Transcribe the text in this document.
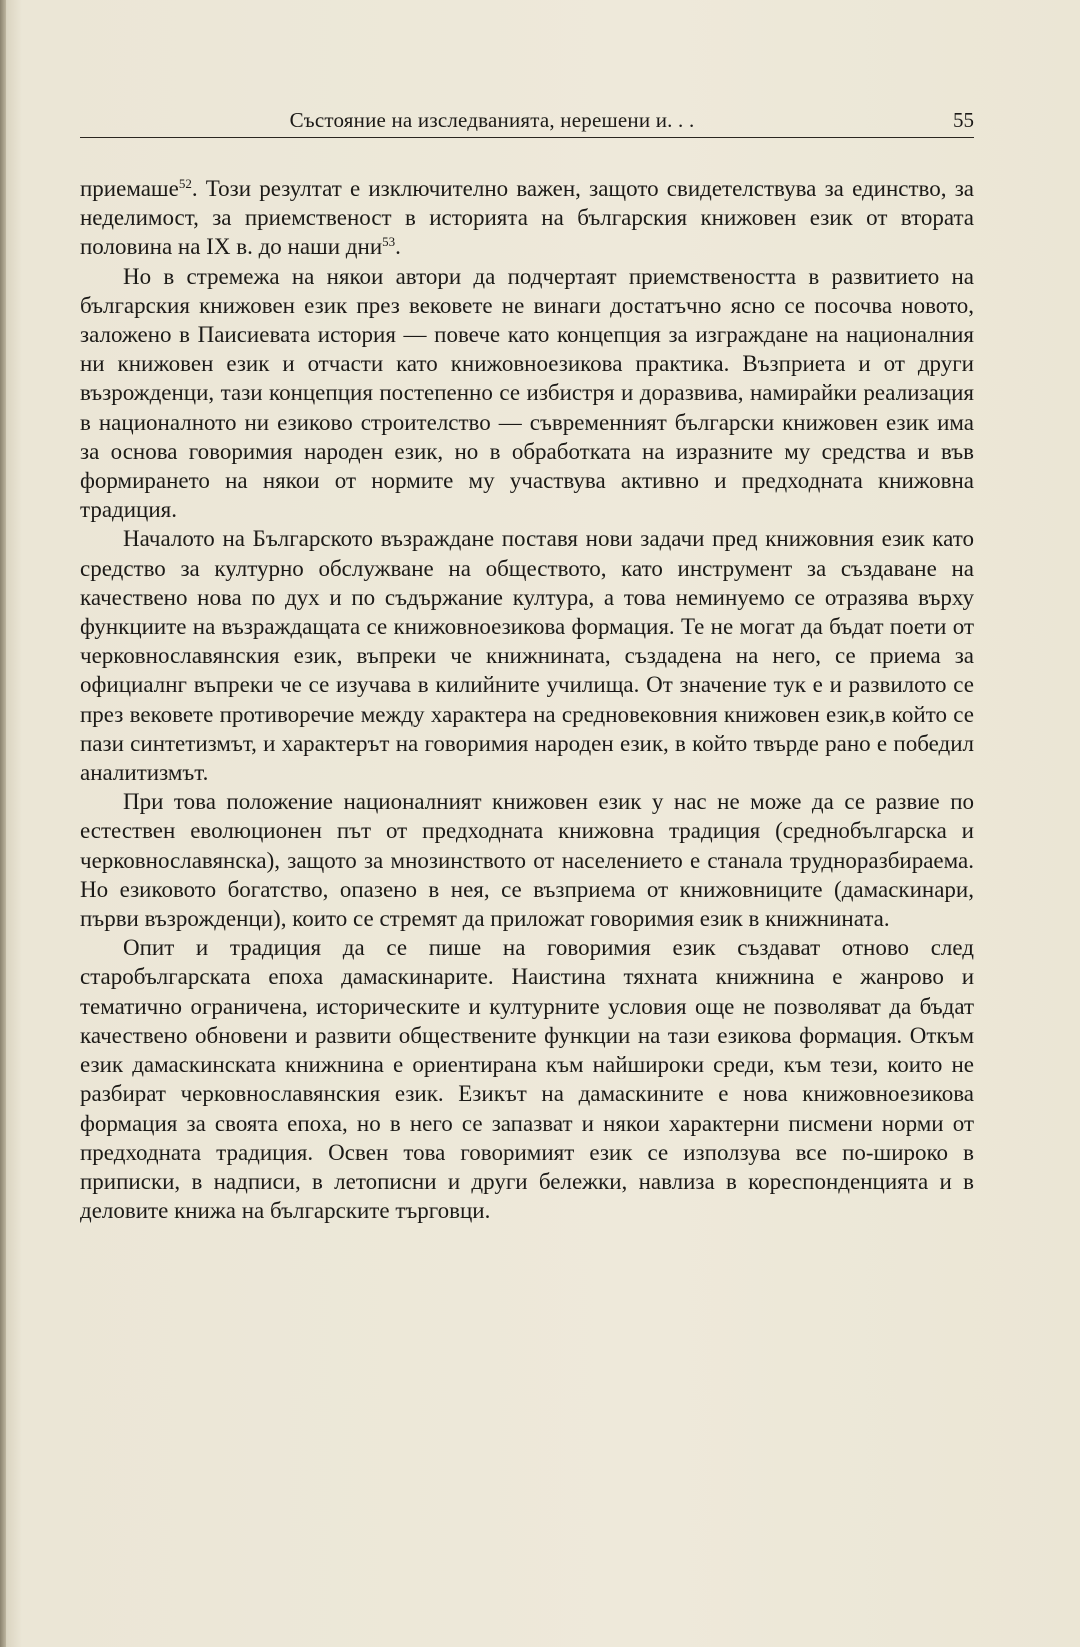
Състояние на изследванията, нерешени и. . .	55

приемаше$^{52}$. Този резултат е изключително важен, защото свидетелствува за единство, за неделимост, за приемственост в историята на българския книжовен език от втората половина на IX в. до наши дни$^{53}$.

Но в стремежа на някои автори да подчертаят приемствеността в развитието на българския книжовен език през вековете не винаги достатъчно ясно се посочва новото, заложено в Паисиевата история — повече като концепция за изграждане на националния ни книжовен език и отчасти като книжовноезикова практика. Възприета и от други възрожденци, тази концепция постепенно се избистря и доразвива, намирайки реализация в националното ни езиково строителство — съвременният български книжовен език има за основа говоримия народен език, но в обработката на изразните му средства и във формирането на някои от нормите му участвува активно и предходната книжовна традиция.

Началото на Българското възраждане поставя нови задачи пред книжовния език като средство за културно обслужване на обществото, като инструмент за създаване на качествено нова по дух и по съдържание култура, а това неминуемо се отразява върху функциите на възраждащата се книжовноезикова формация. Те не могат да бъдат поети от черковнославянския език, въпреки че книжнината, създадена на него, се приема за официалнг въпреки че се изучава в килийните училища. От значение тук е и развилото се през вековете противоречие между характера на средновековния книжовен език,в който се пази синтетизмът, и характерът на говоримия народен език, в който твърде рано е победил аналитизмът.

При това положение националният книжовен език у нас не може да се развие по естествен еволюционен път от предходната книжовна традиция (среднобългарска и черковнославянска), защото за мнозинството от населението е станала трудноразбираема. Но езиковото богатство, опазено в нея, се възприема от книжовниците (дамаскинари, първи възрожденци), които се стремят да приложат говоримия език в книжнината.

Опит и традиция да се пише на говоримия език създават отново след старобългарската епоха дамаскинарите. Наистина тяхната книжнина е жанрово и тематично ограничена, историческите и културните условия още не позволяват да бъдат качествено обновени и развити обществените функции на тази езикова формация. Откъм език дамаскинската книжнина е ориентирана към найшироки среди, към тези, които не разбират черковнославянския език. Езикът на дамаскините е нова книжовноезикова формация за своята епоха, но в него се запазват и някои характерни писмени норми от предходната традиция. Освен това говоримият език се използува все по-широко в приписки, в надписи, в летописни и други бележки, навлиза в кореспонденцията и в деловите книжа на българските търговци.
